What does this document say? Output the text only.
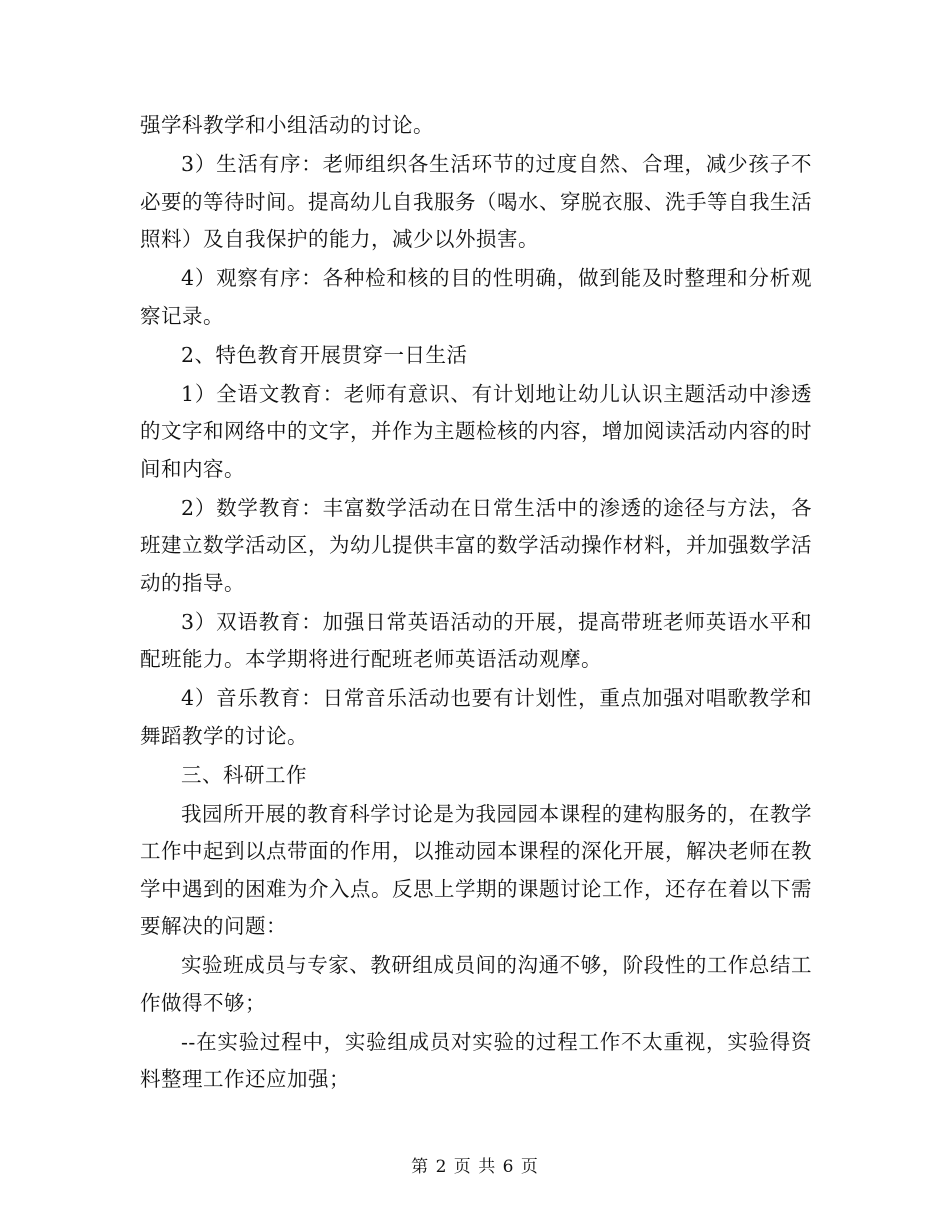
强学科教学和小组活动的讨论。

3）生活有序：老师组织各生活环节的过度自然、合理，减少孩子不必要的等待时间。提高幼儿自我服务（喝水、穿脱衣服、洗手等自我生活照料）及自我保护的能力，减少以外损害。

4）观察有序：各种检和核的目的性明确，做到能及时整理和分析观察记录。

2、特色教育开展贯穿一日生活

1）全语文教育：老师有意识、有计划地让幼儿认识主题活动中渗透的文字和网络中的文字，并作为主题检核的内容，增加阅读活动内容的时间和内容。

2）数学教育：丰富数学活动在日常生活中的渗透的途径与方法，各班建立数学活动区，为幼儿提供丰富的数学活动操作材料，并加强数学活动的指导。

3）双语教育：加强日常英语活动的开展，提高带班老师英语水平和配班能力。本学期将进行配班老师英语活动观摩。

4）音乐教育：日常音乐活动也要有计划性，重点加强对唱歌教学和舞蹈教学的讨论。

三、科研工作

我园所开展的教育科学讨论是为我园园本课程的建构服务的，在教学工作中起到以点带面的作用，以推动园本课程的深化开展，解决老师在教学中遇到的困难为介入点。反思上学期的课题讨论工作，还存在着以下需要解决的问题：

实验班成员与专家、教研组成员间的沟通不够，阶段性的工作总结工作做得不够；

--在实验过程中，实验组成员对实验的过程工作不太重视，实验得资料整理工作还应加强；

第 2 页 共 6 页
